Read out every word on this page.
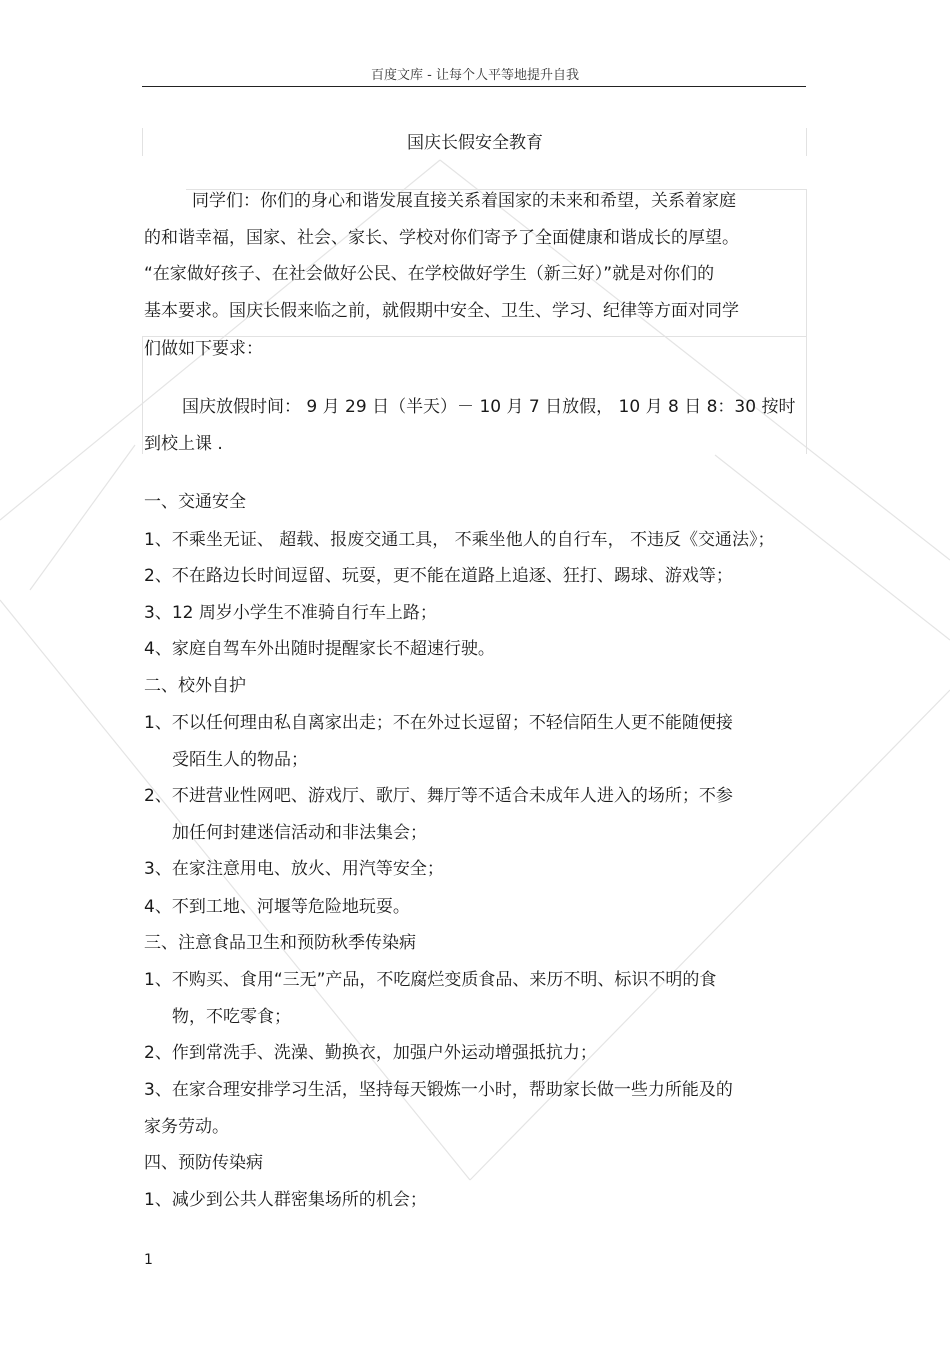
百度文库 - 让每个人平等地提升自我
国庆长假安全教育
同学们：你们的身心和谐发展直接关系着国家的未来和希望，关系着家庭
的和谐幸福，国家、社会、家长、学校对你们寄予了全面健康和谐成长的厚望。
“在家做好孩子、在社会做好公民、在学校做好学生（新三好）”就是对你们的
基本要求。国庆长假来临之前，就假期中安全、卫生、学习、纪律等方面对同学
们做如下要求：
国庆放假时间： 9 月 29 日（半天）－ 10 月 7 日放假， 10 月 8 日 8：30 按时
到校上课 .
一、交通安全
1、不乘坐无证、 超载、报废交通工具， 不乘坐他人的自行车， 不违反《交通法》；
2、不在路边长时间逗留、玩耍，更不能在道路上追逐、狂打、踢球、游戏等；
3、12 周岁小学生不准骑自行车上路；
4、家庭自驾车外出随时提醒家长不超速行驶。
二、校外自护
1、不以任何理由私自离家出走；不在外过长逗留；不轻信陌生人更不能随便接
受陌生人的物品；
2、不进营业性网吧、游戏厅、歌厅、舞厅等不适合未成年人进入的场所；不参
加任何封建迷信活动和非法集会；
3、在家注意用电、放火、用汽等安全；
4、不到工地、河堰等危险地玩耍。
三、注意食品卫生和预防秋季传染病
1、不购买、食用“三无”产品，不吃腐烂变质食品、来历不明、标识不明的食
物，不吃零食；
2、作到常洗手、洗澡、勤换衣，加强户外运动增强抵抗力；
3、在家合理安排学习生活，坚持每天锻炼一小时，帮助家长做一些力所能及的
家务劳动。
四、预防传染病
1、减少到公共人群密集场所的机会；
1
